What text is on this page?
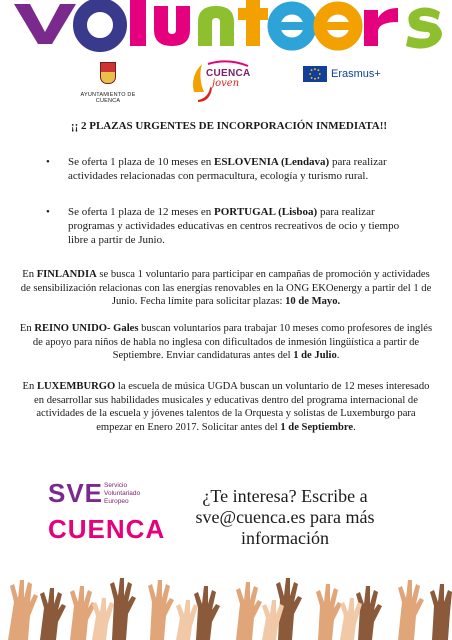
AYUNTAMIENTO DE CUENCA
CUENCA
joven
Erasmus+
¡¡ 2 PLAZAS URGENTES DE INCORPORACIÓN INMEDIATA!!
• Se oferta 1 plaza de 10 meses en ESLOVENIA (Lendava) para realizar actividades relacionadas con permacultura, ecología y turismo rural.
• Se oferta 1 plaza de 12 meses en PORTUGAL (Lisboa) para realizar programas y actividades educativas en centros recreativos de ocio y tiempo libre a partir de Junio.
En FINLANDIA se busca 1 voluntario para participar en campañas de promoción y actividades de sensibilización relacionas con las energías renovables en la ONG EKOenergy a partir del 1 de Junio. Fecha límite para solicitar plazas: 10 de Mayo.
En REINO UNIDO- Gales buscan voluntarios para trabajar 10 meses como profesores de inglés de apoyo para niños de habla no inglesa con dificultados de inmesión lingüística a partir de Septiembre. Enviar candidaturas antes del 1 de Julio.
En LUXEMBURGO la escuela de música UGDA buscan un voluntario de 12 meses interesado en desarrollar sus habilidades musicales y educativas dentro del programa internacional de actividades de la escuela y jóvenes talentos de la Orquesta y solistas de Luxemburgo para empezar en Enero 2017. Solicitar antes del 1 de Septiembre.
SVE Servicio
Voluntariado
Europeo
CUENCA
¿Te interesa? Escribe a
sve@cuenca.es para más
información
